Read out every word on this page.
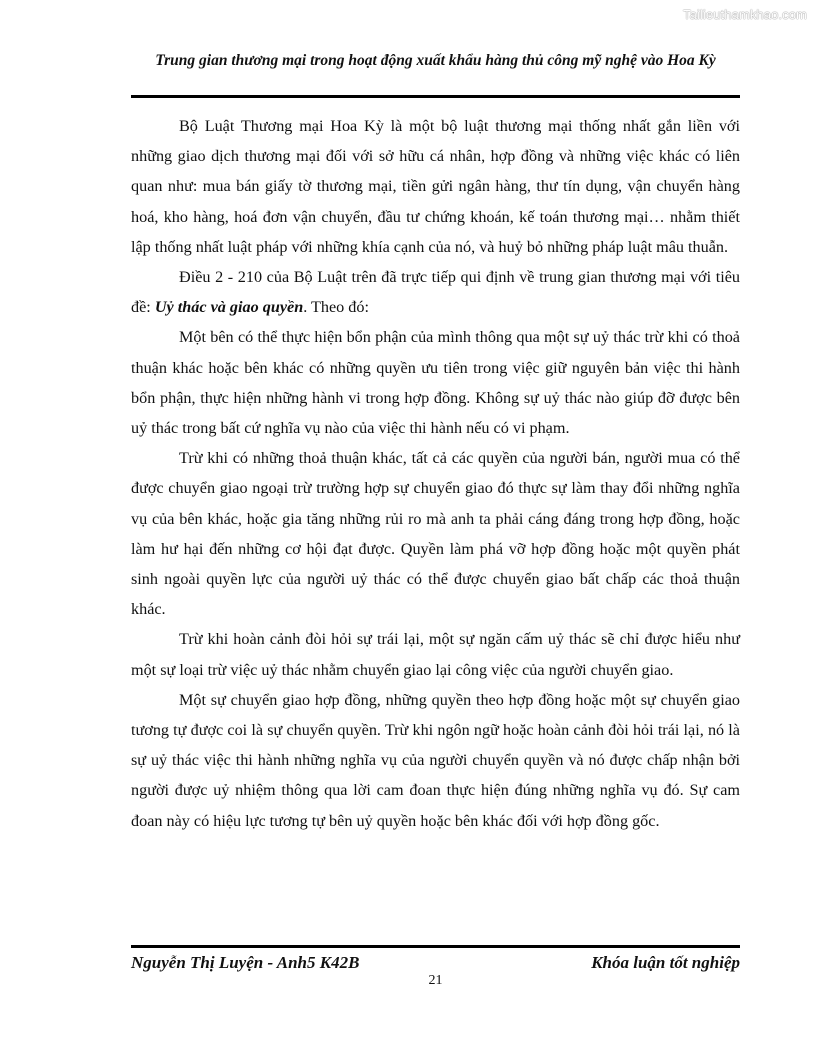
Tailieuthamkhao.com
Trung gian thương mại trong hoạt động xuất khẩu hàng thủ công mỹ nghệ vào Hoa Kỳ

Bộ Luật Thương mại Hoa Kỳ là một bộ luật thương mại thống nhất gắn liền với những giao dịch thương mại đối với sở hữu cá nhân, hợp đồng và những việc khác có liên quan như: mua bán giấy tờ thương mại, tiền gửi ngân hàng, thư tín dụng, vận chuyển hàng hoá, kho hàng, hoá đơn vận chuyển, đầu tư chứng khoán, kế toán thương mại… nhằm thiết lập thống nhất luật pháp với những khía cạnh của nó, và huỷ bỏ những pháp luật mâu thuẫn.

Điều 2 - 210 của Bộ Luật trên đã trực tiếp qui định về trung gian thương mại với tiêu đề: Uỷ thác và giao quyền. Theo đó:

Một bên có thể thực hiện bổn phận của mình thông qua một sự uỷ thác trừ khi có thoả thuận khác hoặc bên khác có những quyền ưu tiên trong việc giữ nguyên bản việc thi hành bổn phận, thực hiện những hành vi trong hợp đồng. Không sự uỷ thác nào giúp đỡ được bên uỷ thác trong bất cứ nghĩa vụ nào của việc thi hành nếu có vi phạm.

Trừ khi có những thoả thuận khác, tất cả các quyền của người bán, người mua có thể được chuyển giao ngoại trừ trường hợp sự chuyển giao đó thực sự làm thay đổi những nghĩa vụ của bên khác, hoặc gia tăng những rủi ro mà anh ta phải cáng đáng trong hợp đồng, hoặc làm hư hại đến những cơ hội đạt được. Quyền làm phá vỡ hợp đồng hoặc một quyền phát sinh ngoài quyền lực của người uỷ thác có thể được chuyển giao bất chấp các thoả thuận khác.

Trừ khi hoàn cảnh đòi hỏi sự trái lại, một sự ngăn cấm uỷ thác sẽ chỉ được hiểu như một sự loại trừ việc uỷ thác nhằm chuyển giao lại công việc của người chuyển giao.

Một sự chuyển giao hợp đồng, những quyền theo hợp đồng hoặc một sự chuyển giao tương tự được coi là sự chuyển quyền. Trừ khi ngôn ngữ hoặc hoàn cảnh đòi hỏi trái lại, nó là sự uỷ thác việc thi hành những nghĩa vụ của người chuyển quyền và nó được chấp nhận bởi người được uỷ nhiệm thông qua lời cam đoan thực hiện đúng những nghĩa vụ đó. Sự cam đoan này có hiệu lực tương tự bên uỷ quyền hoặc bên khác đối với hợp đồng gốc.

Nguyễn Thị Luyện - Anh5 K42B	Khóa luận tốt nghiệp
21
